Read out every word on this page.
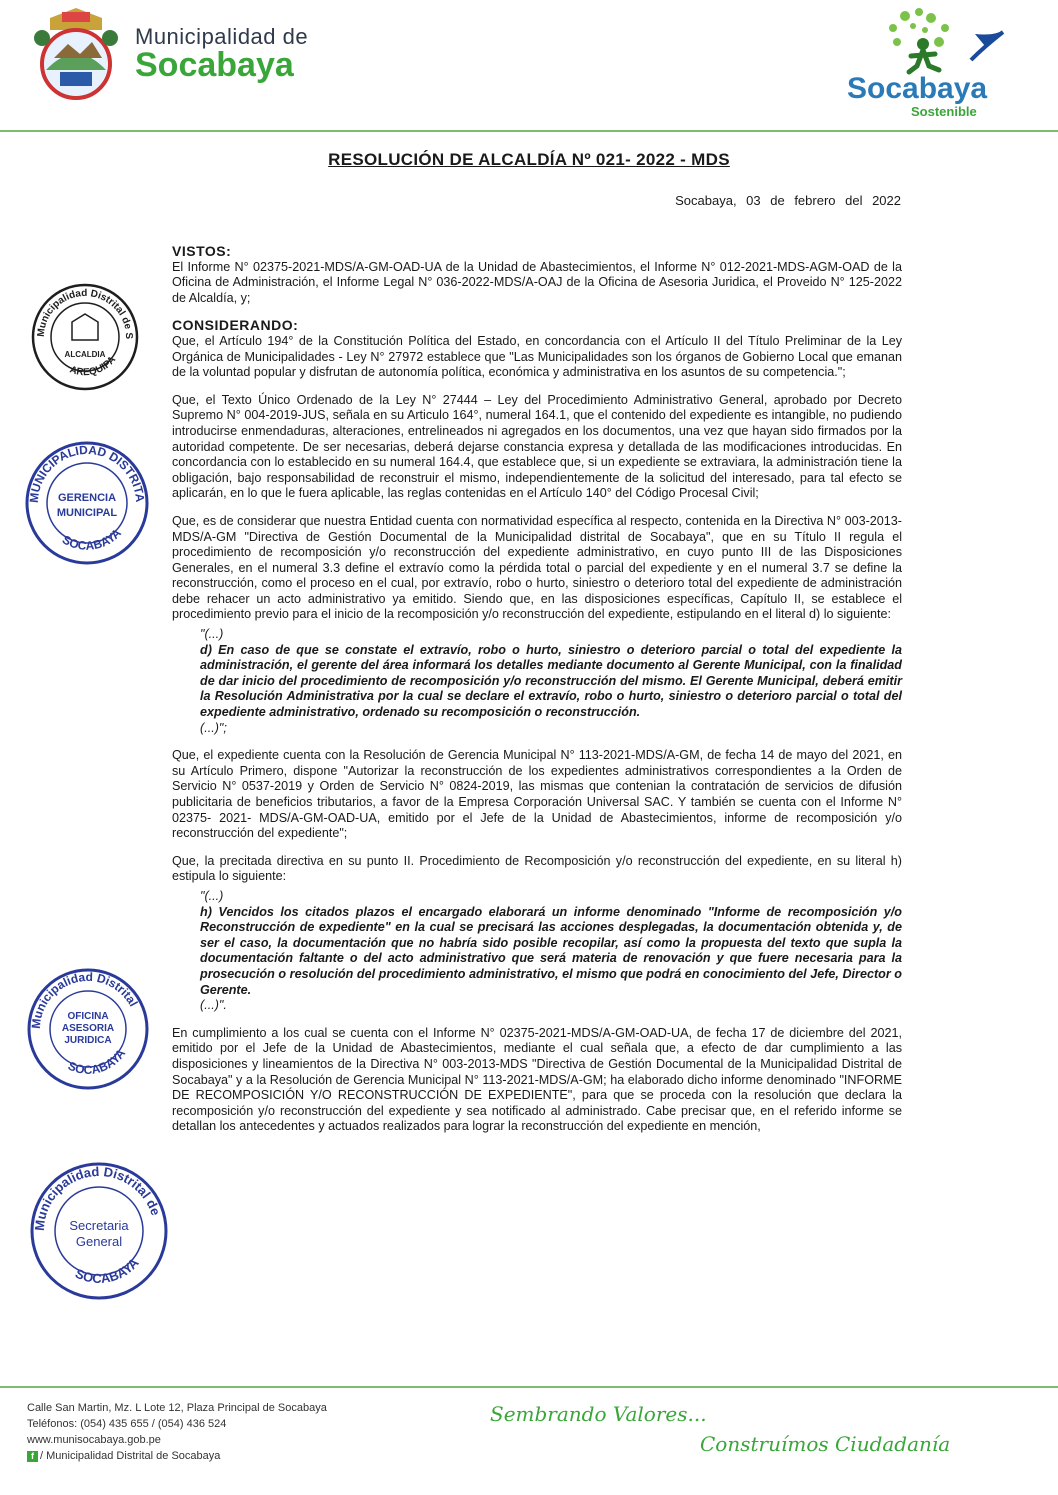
Municipalidad de
Socabaya
Socabaya
Sostenible
RESOLUCIÓN DE ALCALDÍA Nº 021- 2022 - MDS
Socabaya, 03 de febrero del 2022
VISTOS:

El Informe N° 02375-2021-MDS/A-GM-OAD-UA de la Unidad de Abastecimientos, el Informe N° 012-2021-MDS-AGM-OAD de la Oficina de Administración, el Informe Legal N° 036-2022-MDS/A-OAJ de la Oficina de Asesoria Juridica, el Proveido N° 125-2022 de Alcaldía, y;

CONSIDERANDO:

Que, el Artículo 194° de la Constitución Política del Estado, en concordancia con el Artículo II del Título Preliminar de la Ley Orgánica de Municipalidades - Ley N° 27972 establece que "Las Municipalidades son los órganos de Gobierno Local que emanan de la voluntad popular y disfrutan de autonomía política, económica y administrativa en los asuntos de su competencia.";

Que, el Texto Único Ordenado de la Ley N° 27444 – Ley del Procedimiento Administrativo General, aprobado por Decreto Supremo N° 004-2019-JUS, señala en su Articulo 164°, numeral 164.1, que el contenido del expediente es intangible, no pudiendo introducirse enmendaduras, alteraciones, entrelineados ni agregados en los documentos, una vez que hayan sido firmados por la autoridad competente. De ser necesarias, deberá dejarse constancia expresa y detallada de las modificaciones introducidas. En concordancia con lo establecido en su numeral 164.4, que establece que, si un expediente se extraviara, la administración tiene la obligación, bajo responsabilidad de reconstruir el mismo, independientemente de la solicitud del interesado, para tal efecto se aplicarán, en lo que le fuera aplicable, las reglas contenidas en el Artículo 140° del Código Procesal Civil;

Que, es de considerar que nuestra Entidad cuenta con normatividad específica al respecto, contenida en la Directiva N° 003-2013-MDS/A-GM "Directiva de Gestión Documental de la Municipalidad distrital de Socabaya", que en su Título II regula el procedimiento de recomposición y/o reconstrucción del expediente administrativo, en cuyo punto III de las Disposiciones Generales, en el numeral 3.3 define el extravío como la pérdida total o parcial del expediente y en el numeral 3.7 se define la reconstrucción, como el proceso en el cual, por extravío, robo o hurto, siniestro o deterioro total del expediente de administración debe rehacer un acto administrativo ya emitido. Siendo que, en las disposiciones específicas, Capítulo II, se establece el procedimiento previo para el inicio de la recomposición y/o reconstrucción del expediente, estipulando en el literal d) lo siguiente:

"(...)
d) En caso de que se constate el extravío, robo o hurto, siniestro o deterioro parcial o total del expediente la administración, el gerente del área informará los detalles mediante documento al Gerente Municipal, con la finalidad de dar inicio del procedimiento de recomposición y/o reconstrucción del mismo. El Gerente Municipal, deberá emitir la Resolución Administrativa por la cual se declare el extravío, robo o hurto, siniestro o deterioro parcial o total del expediente administrativo, ordenado su recomposición o reconstrucción.
(...)";

Que, el expediente cuenta con la Resolución de Gerencia Municipal N° 113-2021-MDS/A-GM, de fecha 14 de mayo del 2021, en su Artículo Primero, dispone "Autorizar la reconstrucción de los expedientes administrativos correspondientes a la Orden de Servicio N° 0537-2019 y Orden de Servicio N° 0824-2019, las mismas que contenian la contratación de servicios de difusión publicitaria de beneficios tributarios, a favor de la Empresa Corporación Universal SAC. Y también se cuenta con el Informe N° 02375- 2021- MDS/A-GM-OAD-UA, emitido por el Jefe de la Unidad de Abastecimientos, informe de recomposición y/o reconstrucción del expediente";

Que, la precitada directiva en su punto II. Procedimiento de Recomposición y/o reconstrucción del expediente, en su literal h) estipula lo siguiente:

"(...)
h) Vencidos los citados plazos el encargado elaborará un informe denominado "Informe de recomposición y/o Reconstrucción de expediente" en la cual se precisará las acciones desplegadas, la documentación obtenida y, de ser el caso, la documentación que no habría sido posible recopilar, así como la propuesta del texto que supla la documentación faltante o del acto administrativo que será materia de renovación y que fuere necesaria para la prosecución o resolución del procedimiento administrativo, el mismo que podrá en conocimiento del Jefe, Director o Gerente.
(...)".

En cumplimiento a los cual se cuenta con el Informe N° 02375-2021-MDS/A-GM-OAD-UA, de fecha 17 de diciembre del 2021, emitido por el Jefe de la Unidad de Abastecimientos, mediante el cual señala que, a efecto de dar cumplimiento a las disposiciones y lineamientos de la Directiva N° 003-2013-MDS "Directiva de Gestión Documental de la Municipalidad Distrital de Socabaya" y a la Resolución de Gerencia Municipal N° 113-2021-MDS/A-GM; ha elaborado dicho informe denominado "INFORME DE RECOMPOSICIÓN Y/O RECONSTRUCCIÓN DE EXPEDIENTE", para que se proceda con la resolución que declara la recomposición y/o reconstrucción del expediente y sea notificado al administrado. Cabe precisar que, en el referido informe se detallan los antecedentes y actuados realizados para lograr la reconstrucción del expediente en mención,

Municipalidad Distrital de S
AREQUIPA
ALCALDIA
MUNICIPALIDAD DISTRITA
SOCABAYA
GERENCIA
MUNICIPAL
Municipalidad Distrital
SOCABAYA
OFICINA
ASESORIA
JURIDICA
Municipalidad Distrital de
SOCABAYA
Secretaria
General
Calle San Martin, Mz. L Lote 12, Plaza Principal de Socabaya
Teléfonos: (054) 435 655 / (054) 436 524
www.munisocabaya.gob.pe
f / Municipalidad Distrital de Socabaya
Sembrando Valores...
Construímos Ciudadanía
